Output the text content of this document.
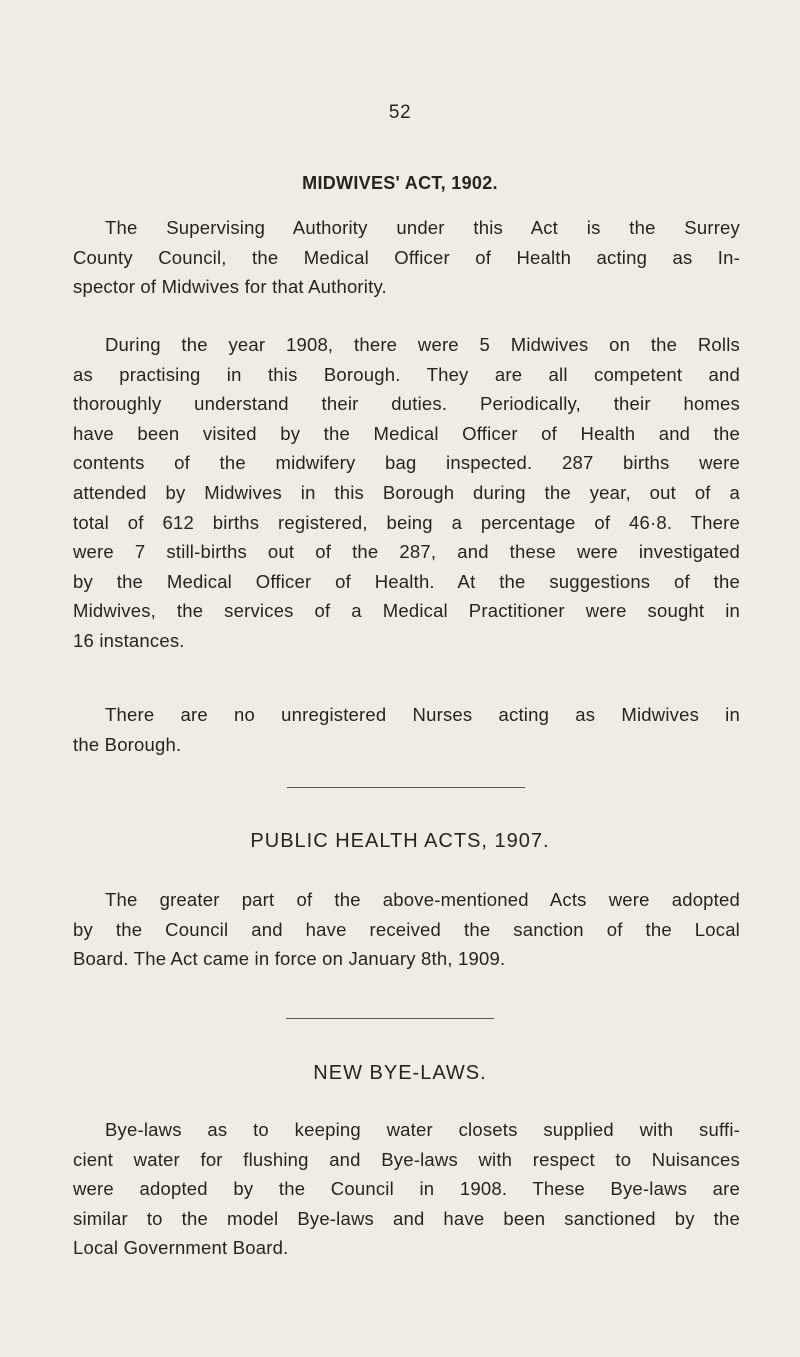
52
MIDWIVES' ACT, 1902.
The Supervising Authority under this Act is the Surrey
County Council, the Medical Officer of Health acting as In-
spector of Midwives for that Authority.
During the year 1908, there were 5 Midwives on the Rolls
as practising in this Borough. They are all competent and
thoroughly understand their duties. Periodically, their homes
have been visited by the Medical Officer of Health and the
contents of the midwifery bag inspected. 287 births were
attended by Midwives in this Borough during the year, out of a
total of 612 births registered, being a percentage of 46·8. There
were 7 still-births out of the 287, and these were investigated
by the Medical Officer of Health. At the suggestions of the
Midwives, the services of a Medical Practitioner were sought in
16 instances.
There are no unregistered Nurses acting as Midwives in
the Borough.
PUBLIC HEALTH ACTS, 1907.
The greater part of the above-mentioned Acts were adopted
by the Council and have received the sanction of the Local
Board. The Act came in force on January 8th, 1909.
NEW BYE-LAWS.
Bye-laws as to keeping water closets supplied with suffi-
cient water for flushing and Bye-laws with respect to Nuisances
were adopted by the Council in 1908. These Bye-laws are
similar to the model Bye-laws and have been sanctioned by the
Local Government Board.
